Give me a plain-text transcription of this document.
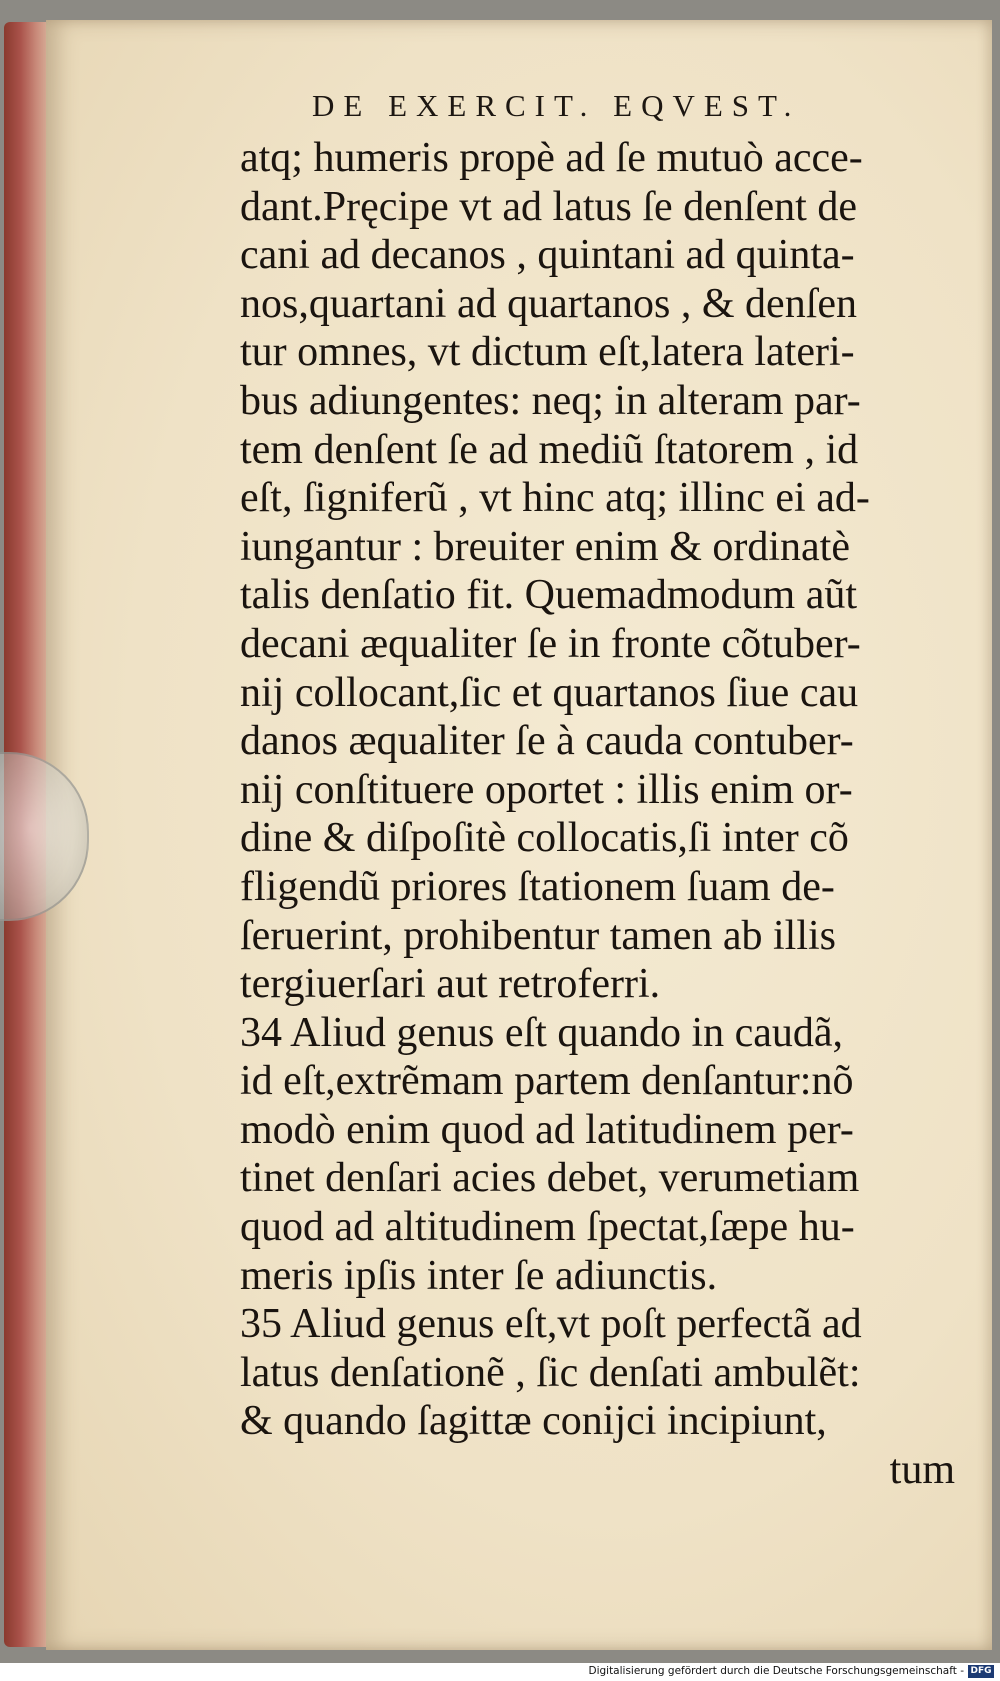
DE EXERCIT. EQVEST.
atq; humeris propè ad ſe mutuò acce-
dant.Pręcipe vt ad latus ſe denſent de
cani ad decanos , quintani ad quinta-
nos,quartani ad quartanos , & denſen
tur omnes, vt dictum eſt,latera lateri-
bus adiungentes: neq; in alteram par-
tem denſent ſe ad mediũ ſtatorem , id
eſt, ſigniferũ , vt hinc atq; illinc ei ad-
iungantur : breuiter enim & ordinatè
talis denſatio fit. Quemadmodum aũt
decani æqualiter ſe in fronte cõtuber-
nij collocant,ſic et quartanos ſiue cau
danos æqualiter ſe à cauda contuber-
nij conſtituere oportet : illis enim or-
dine & diſpoſitè collocatis,ſi inter cõ
fligendũ priores ſtationem ſuam de-
ſeruerint, prohibentur tamen ab illis
tergiuerſari aut retroferri.
34 Aliud genus eſt quando in caudã,
id eſt,extrẽmam partem denſantur:nõ
modò enim quod ad latitudinem per-
tinet denſari acies debet, verumetiam
quod ad altitudinem ſpectat,ſæpe hu-
meris ipſis inter ſe adiunctis.
35 Aliud genus eſt,vt poſt perfectã ad
latus denſationẽ , ſic denſati ambulẽt:
& quando ſagittæ conijci incipiunt,
tum
Digitalisierung gefördert durch die Deutsche Forschungsgemeinschaft - DFG
